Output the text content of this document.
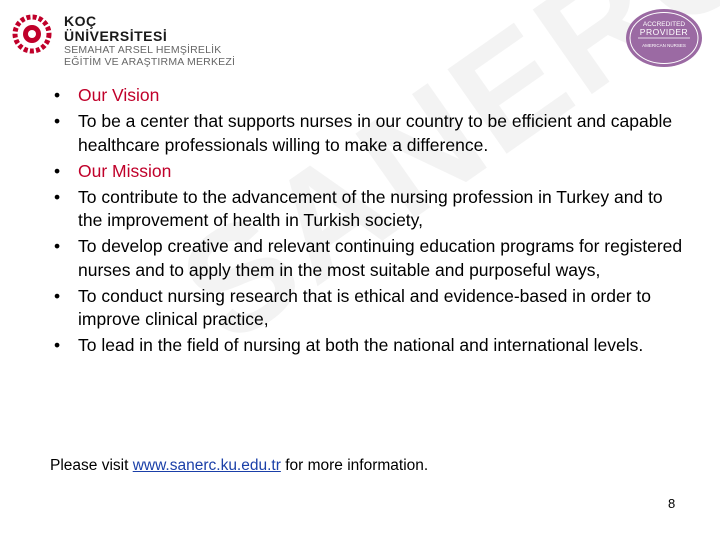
KOÇ
ÜNİVERSİTESİ
SEMAHAT ARSEL HEMŞİRELİK
EĞİTİM VE ARAŞTIRMA MERKEZİ
ACCREDITED
PROVIDER
AMERICAN NURSES
• Our Vision
• To be a center that supports nurses in our country to be efficient and capable healthcare professionals willing to make a difference.
• Our Mission
• To contribute to the advancement of the nursing profession in Turkey and to the improvement of health in Turkish society,
• To develop creative and relevant continuing education programs for registered nurses and to apply them in the most suitable and purposeful ways,
• To conduct nursing research that is ethical and evidence-based in order to improve clinical practice,
• To lead in the field of nursing at both the national and international levels.
Please visit www.sanerc.ku.edu.tr for more information.
8
